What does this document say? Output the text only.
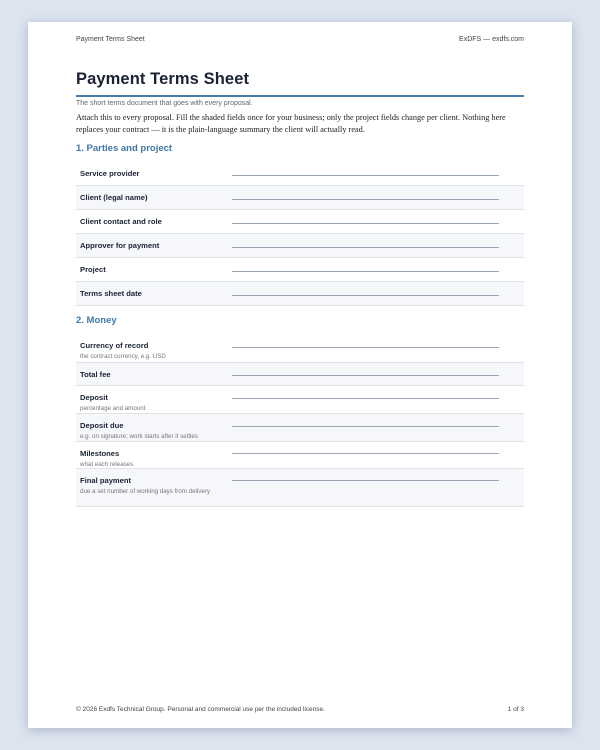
Payment Terms Sheet	ExDFS — exdfs.com
Payment Terms Sheet
The short terms document that goes with every proposal.

Attach this to every proposal. Fill the shaded fields once for your business; only the project fields change per client. Nothing here replaces your contract — it is the plain-language summary the client will actually read.

1. Parties and project
Service provider
Client (legal name)
Client contact and role
Approver for payment
Project
Terms sheet date
2. Money
Currency of record
the contract currency, e.g. USD
Total fee
Deposit
percentage and amount
Deposit due
e.g. on signature; work starts after it settles
Milestones
what each releases
Final payment
due a set number of working days from delivery
© 2026 Exdfs Technical Group. Personal and commercial use per the included license.	1 of 3
